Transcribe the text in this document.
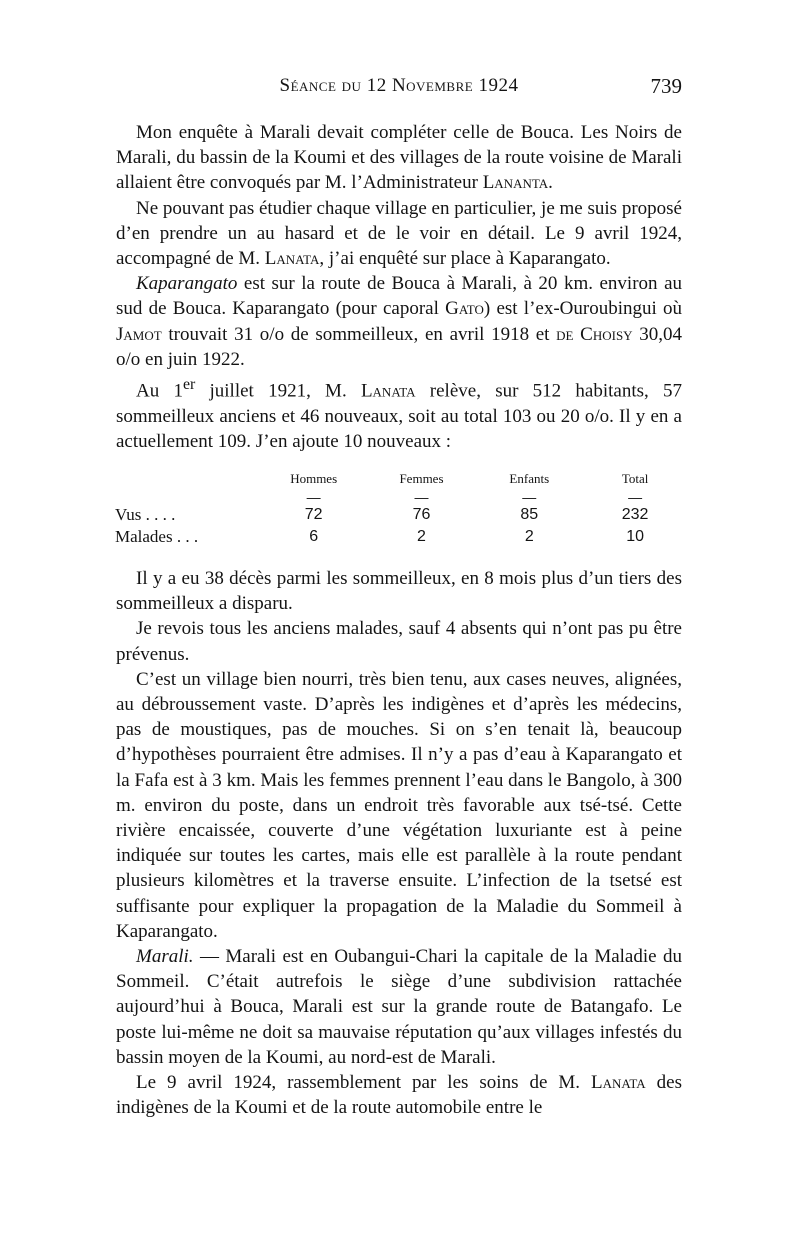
Séance du 12 Novembre 1924	739

Mon enquête à Marali devait compléter celle de Bouca. Les Noirs de Marali, du bassin de la Koumi et des villages de la route voisine de Marali allaient être convoqués par M. l’Administrateur Lananta.

Ne pouvant pas étudier chaque village en particulier, je me suis proposé d’en prendre un au hasard et de le voir en détail. Le 9 avril 1924, accompagné de M. Lanata, j’ai enquêté sur place à Kaparangato.

Kaparangato est sur la route de Bouca à Marali, à 20 km. environ au sud de Bouca. Kaparangato (pour caporal Gato) est l’ex-Ouroubingui où Jamot trouvait 31 o/o de sommeilleux, en avril 1918 et de Choisy 30,04 o/o en juin 1922.

Au 1er juillet 1921, M. Lanata relève, sur 512 habitants, 57 sommeilleux anciens et 46 nouveaux, soit au total 103 ou 20 o/o. Il y en a actuellement 109. J’en ajoute 10 nouveaux :

	Hommes	Femmes	Enfants	Total
	—	—	—	—
Vus . . . .	72	76	85	232
Malades . . .	6	2	2	10

Il y a eu 38 décès parmi les sommeilleux, en 8 mois plus d’un tiers des sommeilleux a disparu.

Je revois tous les anciens malades, sauf 4 absents qui n’ont pas pu être prévenus.

C’est un village bien nourri, très bien tenu, aux cases neuves, alignées, au débroussement vaste. D’après les indigènes et d’après les médecins, pas de moustiques, pas de mouches. Si on s’en tenait là, beaucoup d’hypothèses pourraient être admises. Il n’y a pas d’eau à Kaparangato et la Fafa est à 3 km. Mais les femmes prennent l’eau dans le Bangolo, à 300 m. environ du poste, dans un endroit très favorable aux tsé-tsé. Cette rivière encaissée, couverte d’une végétation luxuriante est à peine indiquée sur toutes les cartes, mais elle est parallèle à la route pendant plusieurs kilomètres et la traverse ensuite. L’infection de la tsetsé est suffisante pour expliquer la propagation de la Maladie du Sommeil à Kaparangato.

Marali. — Marali est en Oubangui-Chari la capitale de la Maladie du Sommeil. C’était autrefois le siège d’une subdivision rattachée aujourd’hui à Bouca, Marali est sur la grande route de Batangafo. Le poste lui-même ne doit sa mauvaise réputation qu’aux villages infestés du bassin moyen de la Koumi, au nord-est de Marali.

Le 9 avril 1924, rassemblement par les soins de M. Lanata des indigènes de la Koumi et de la route automobile entre le
